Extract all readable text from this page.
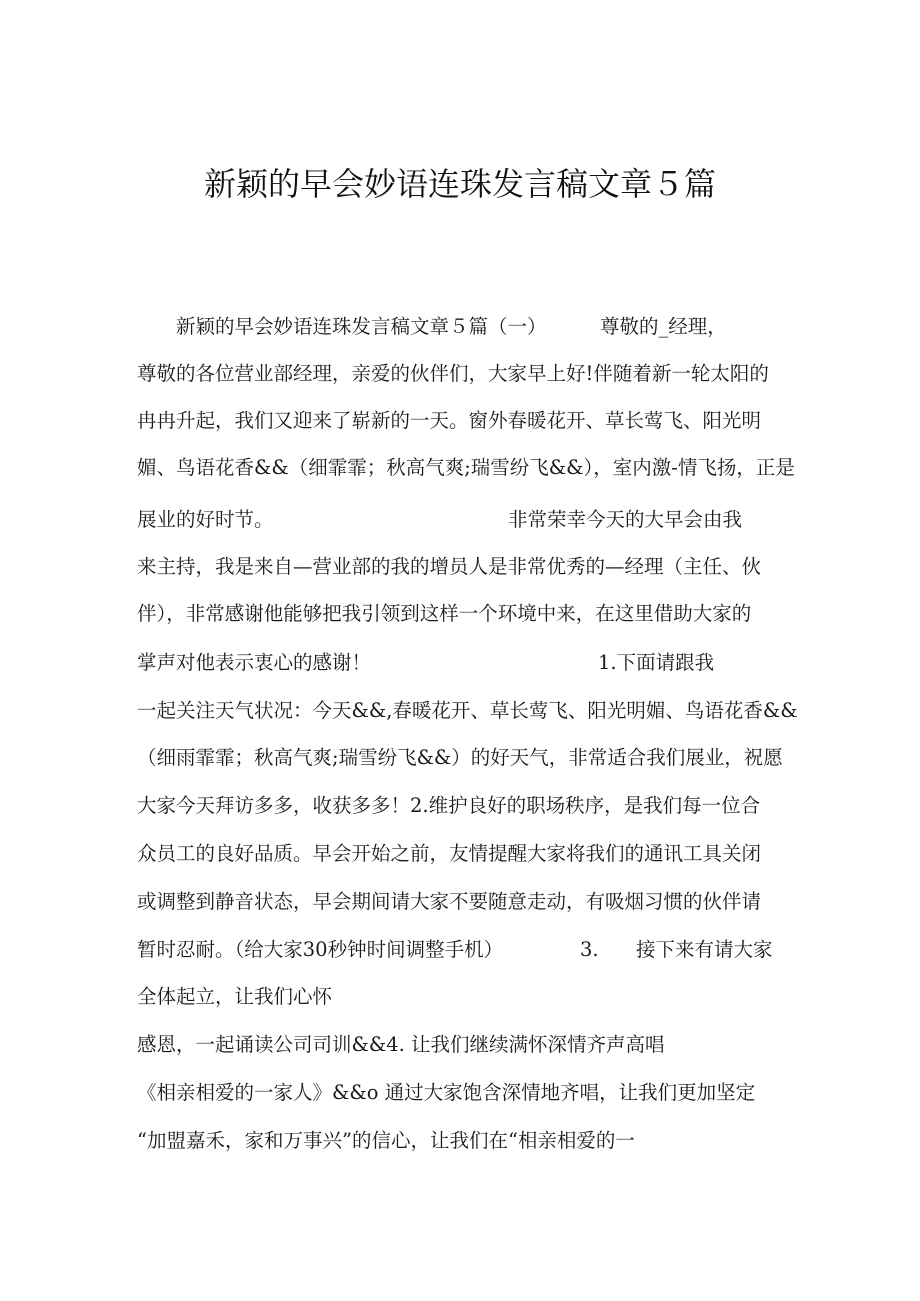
新颖的早会妙语连珠发言稿文章５篇
新颖的早会妙语连珠发言稿文章５篇（一）	尊敬的_经理，
尊敬的各位营业部经理，亲爱的伙伴们，大家早上好!伴随着新一轮太阳的
冉冉升起，我们又迎来了崭新的一天。窗外春暖花开、草长莺飞、阳光明
媚、鸟语花香&&（细霏霏；秋高气爽;瑞雪纷飞&&），室内激-情飞扬，正是
展业的好时节。	非常荣幸今天的大早会由我
来主持，我是来自—营业部的我的增员人是非常优秀的—经理（主任、伙
伴），非常感谢他能够把我引领到这样一个环境中来，在这里借助大家的
掌声对他表示衷心的感谢！	1.下面请跟我
一起关注天气状况：今天&&,春暖花开、草长莺飞、阳光明媚、鸟语花香&&
（细雨霏霏；秋高气爽;瑞雪纷飞&&）的好天气，非常适合我们展业，祝愿
大家今天拜访多多，收获多多！2.维护良好的职场秩序，是我们每一位合
众员工的良好品质。早会开始之前，友情提醒大家将我们的通讯工具关闭
或调整到静音状态，早会期间请大家不要随意走动，有吸烟习惯的伙伴请
暂时忍耐。（给大家30秒钟时间调整手机）	3. 接下来有请大家
全体起立，让我们心怀
感恩，一起诵读公司司训&&4. 让我们继续满怀深情齐声高唱
《相亲相爱的一家人》&&o 通过大家饱含深情地齐唱，让我们更加坚定
“加盟嘉禾，家和万事兴”的信心，让我们在“相亲相爱的一
